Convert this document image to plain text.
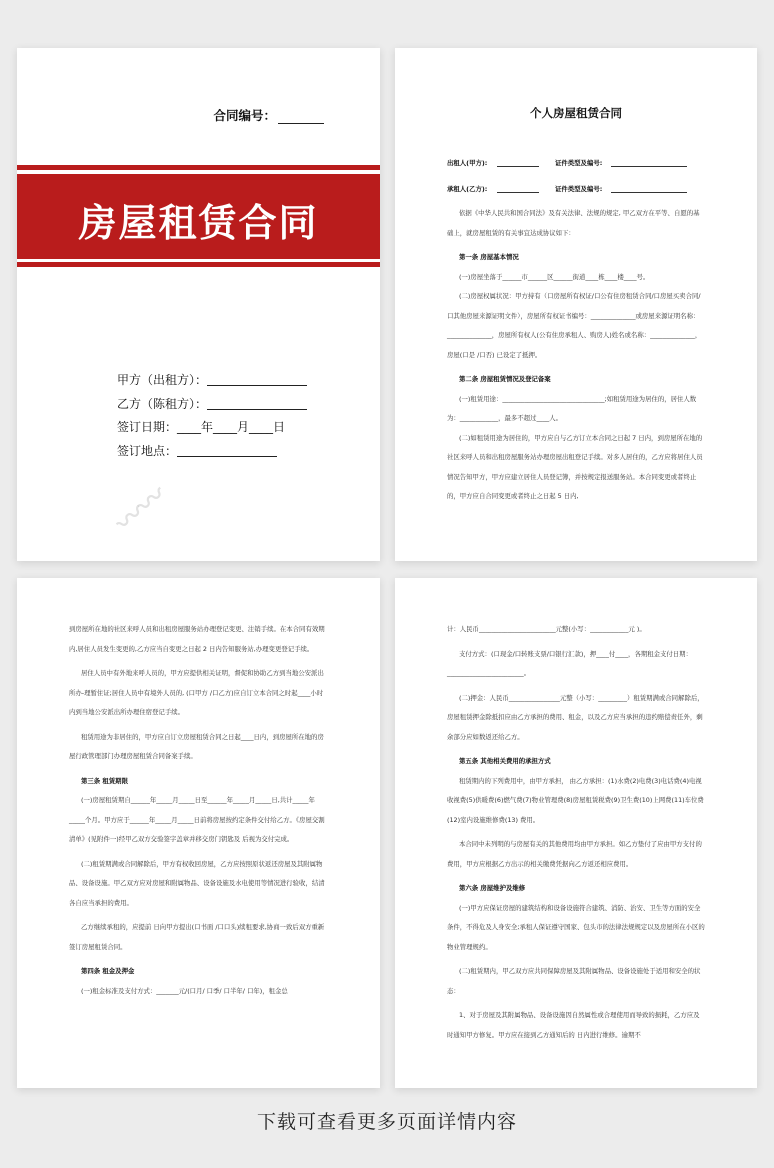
合同编号：
房屋租赁合同
甲方（出租方）：
乙方（陈租方）：
签订日期： ____年____月____日
签订地点：
〰〰
个人房屋租赁合同
出租人(甲方):	证件类型及编号:
承租人(乙方):	证件类型及编号:

依据《中华人民共和国合同法》及有关法律、法规的规定, 甲乙双方在平等、自愿的基础上，就房屋租赁的有关事宜达成协议如下：

第一条 房屋基本情况

(一)房屋坐落于______市______区______街道____栋____楼____号。

(二)房屋权属状况：甲方持有（口房屋所有权证/口公有住房租赁合同/口房屋买卖合同/ 口其他房屋来源证明文件），房屋所有权证书编号：______________或房屋来源证明名称：______________，房屋所有权人(公有住房承租人、购房人)姓名或名称：______________，房屋(口是 /口否) 已设定了抵押。

第二条 房屋租赁情况及登记备案

(一)租赁用途：________________________________;如租赁用途为居住的，居住人数为：____________，最多不超过____人。

(二)如租赁用途为居住的，甲方应自与乙方订立本合同之日起 7 日内，到房屋所在地的社区来呼人员和出租房屋服务站办理房屋出租登记手续。对多人居住的，乙方应将居住人员情况告知甲方，甲方应建立居住人员登记簿，并按规定报送服务站。本合同变更或者终止的，甲方应自合同变更或者终止之日起 5 日内,

到房屋所在地的社区来呼人员和出租房屋服务站办理登记变更、注销手续。在本合同有效期内,居住人员发生变更的,乙方应当自变更之日起 2 日内告知服务站,办理变更登记手续。

居住人员中有外地来呼人员的，甲方应提供相关证明，督促和协助乙方到当地公安派出所办-理暂住证;居住人员中有境外人员的, (口甲方 /口乙方)应自订立本合同之时起____小时内到当地公安派出所办理住宿登记手续。

租赁用途为非居住的，甲方应自订立房屋租赁合同之日起____日内，到房屋所在地的房屋行政管理部门办理房屋租赁合同备案手续。

第三条 租赁期限

(一)房屋租赁期自______年_____月_____日至______年_____月_____日,共计_____年_____个月。甲方应于______年_____月_____日前将房屋按约定条件交付给乙方。《房屋交割清单》(见附件一)经甲乙双方交验签字盖章并移交房门钥匙及 后视为交付完成。

(二)租赁期满或合同解除后，甲方有权收回房屋，乙方应按照原状返还房屋及其附属物品、设备设施。甲乙双方应对房屋和附属物品、设备设施及水电使用等情况进行验收，结清各自应当承担的费用。

乙方继续承租的，应提前 日向甲方提出(口书面 /口口头)续租要求,协商一致后双方重新签订房屋租赁合同。

第四条 租金及押金

(一)租金标准及支付方式：_______元/(口月/ 口季/ 口半年/ 口年)，租金总

计：人民币________________________元整(小写：____________元 )。

支付方式：(口现金/口转账支票/口银行汇款)，押____付____，各期租金支付日期：________________________。

(二)押金：人民币________________元整（小写：_________）租赁期满或合同解除后，房屋租赁押金除抵扣应由乙方承担的费用、租金，以及乙方应当承担的违约赔偿责任外，剩余部分应如数返还给乙方。

第五条 其他相关费用的承担方式

租赁期内的下列费用中，由甲方承担， 由乙方承担：(1)水费(2)电费(3)电话费(4)电视收视费(5)供暖费(6)燃气费(7)物业管理费(8)房屋租赁税费(9)卫生费(10)上网费(11)车位费(12)室内设施维修费(13) 费用。

本合同中未列明的与房屋有关的其他费用均由甲方承担。如乙方垫付了应由甲方支付的费用，甲方应根据乙方出示的相关缴费凭据向乙方返还相应费用。

第六条 房屋维护及维修

(一)甲方应保证房屋的建筑结构和设备设施符合建筑、消防、治安、卫生等方面的安全条件，不得危及人身安全;承租人保证遵守国家、包头市的法律法规规定以及房屋所在小区的物业管理规约。

(二)租赁期内，甲乙双方应共同保障房屋及其附属物品、设备设施处于适用和安全的状态：

1、对于房屋及其附属物品、设备设施因自然属性或合理使用而导致的损耗，乙方应及时通知甲方修复。甲方应在接到乙方通知后的 日内进行维修。逾期不

下载可查看更多页面详情内容
